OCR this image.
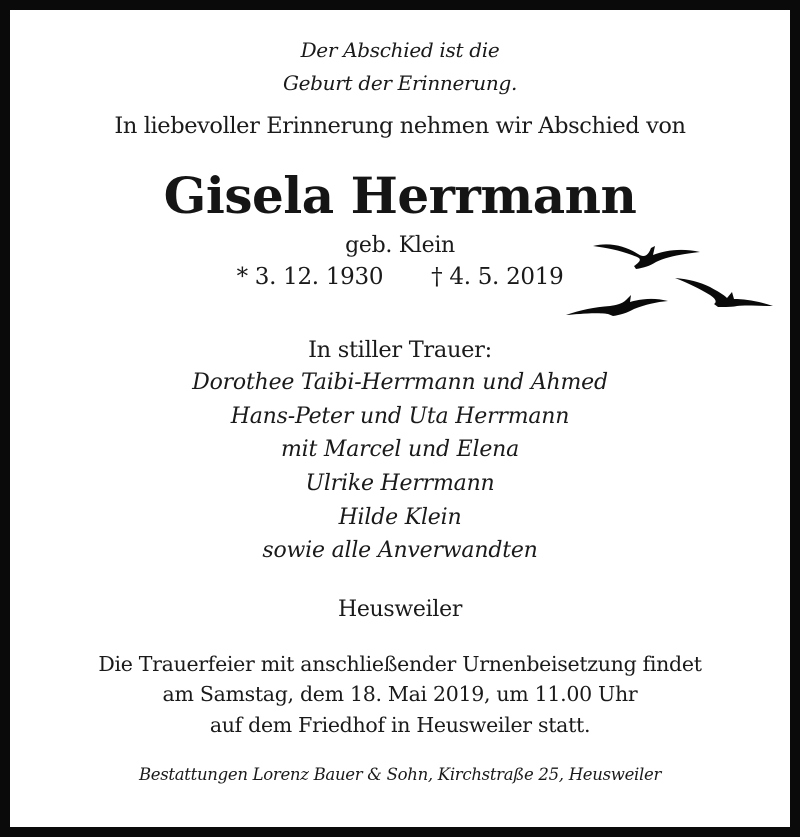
Der Abschied ist die
Geburt der Erinnerung.
In liebevoller Erinnerung nehmen wir Abschied von
Gisela Herrmann
geb. Klein
* 3. 12. 1930 † 4. 5. 2019
In stiller Trauer:
Dorothee Taibi-Herrmann und Ahmed
Hans-Peter und Uta Herrmann
mit Marcel und Elena
Ulrike Herrmann
Hilde Klein
sowie alle Anverwandten
Heusweiler
Die Trauerfeier mit anschließender Urnenbeisetzung findet
am Samstag, dem 18. Mai 2019, um 11.00 Uhr
auf dem Friedhof in Heusweiler statt.
Bestattungen Lorenz Bauer & Sohn, Kirchstraße 25, Heusweiler
